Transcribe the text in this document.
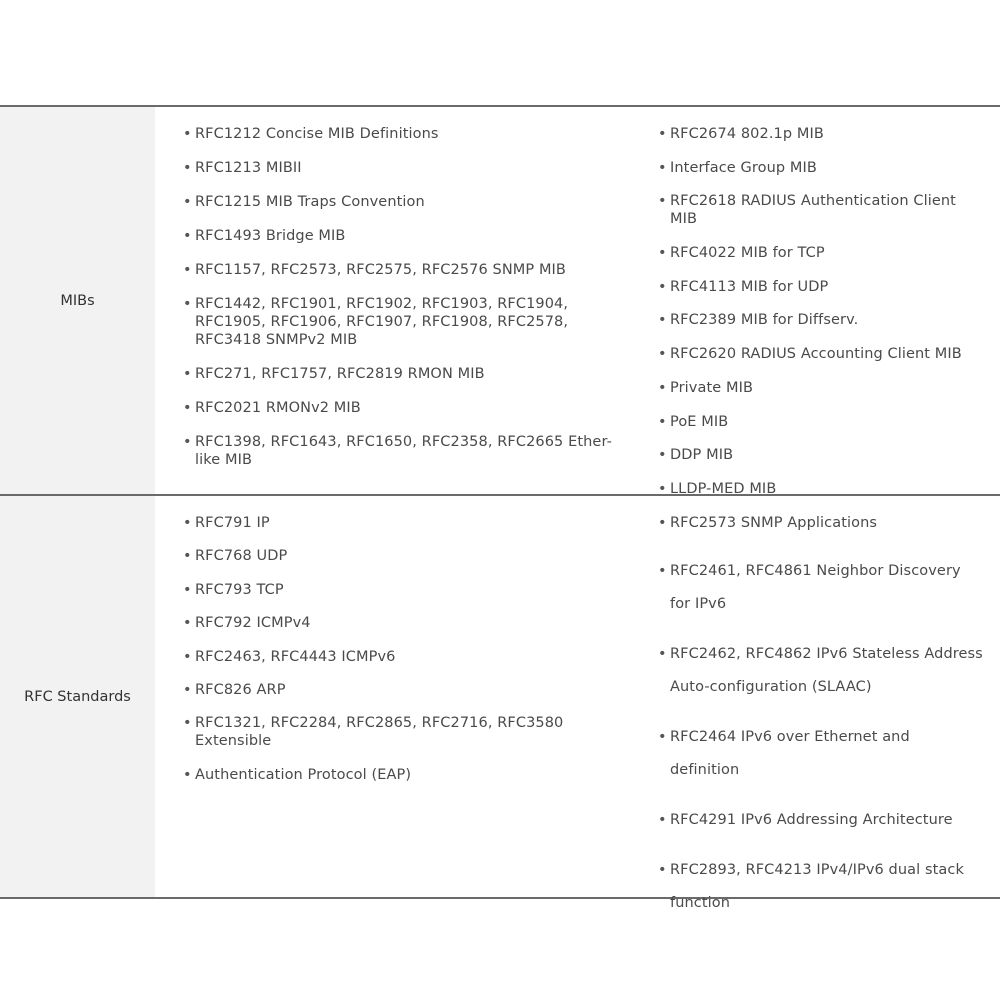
MIBs
• RFC1212 Concise MIB Definitions
• RFC1213 MIBII
• RFC1215 MIB Traps Convention
• RFC1493 Bridge MIB
• RFC1157, RFC2573, RFC2575, RFC2576 SNMP MIB
• RFC1442, RFC1901, RFC1902, RFC1903, RFC1904, RFC1905, RFC1906, RFC1907, RFC1908, RFC2578, RFC3418 SNMPv2 MIB
• RFC271, RFC1757, RFC2819 RMON MIB
• RFC2021 RMONv2 MIB
• RFC1398, RFC1643, RFC1650, RFC2358, RFC2665 Ether-like MIB
• RFC2674 802.1p MIB
• Interface Group MIB
• RFC2618 RADIUS Authentication Client MIB
• RFC4022 MIB for TCP
• RFC4113 MIB for UDP
• RFC2389 MIB for Diffserv.
• RFC2620 RADIUS Accounting Client MIB
• Private MIB
• PoE MIB
• DDP MIB
• LLDP-MED MIB
RFC Standards
• RFC791 IP
• RFC768 UDP
• RFC793 TCP
• RFC792 ICMPv4
• RFC2463, RFC4443 ICMPv6
• RFC826 ARP
• RFC1321, RFC2284, RFC2865, RFC2716, RFC3580 Extensible
• Authentication Protocol (EAP)
• RFC2573 SNMP Applications
• RFC2461, RFC4861 Neighbor Discovery for IPv6
• RFC2462, RFC4862 IPv6 Stateless Address Auto-configuration (SLAAC)
• RFC2464 IPv6 over Ethernet and definition
• RFC4291 IPv6 Addressing Architecture
• RFC2893, RFC4213 IPv4/IPv6 dual stack function
